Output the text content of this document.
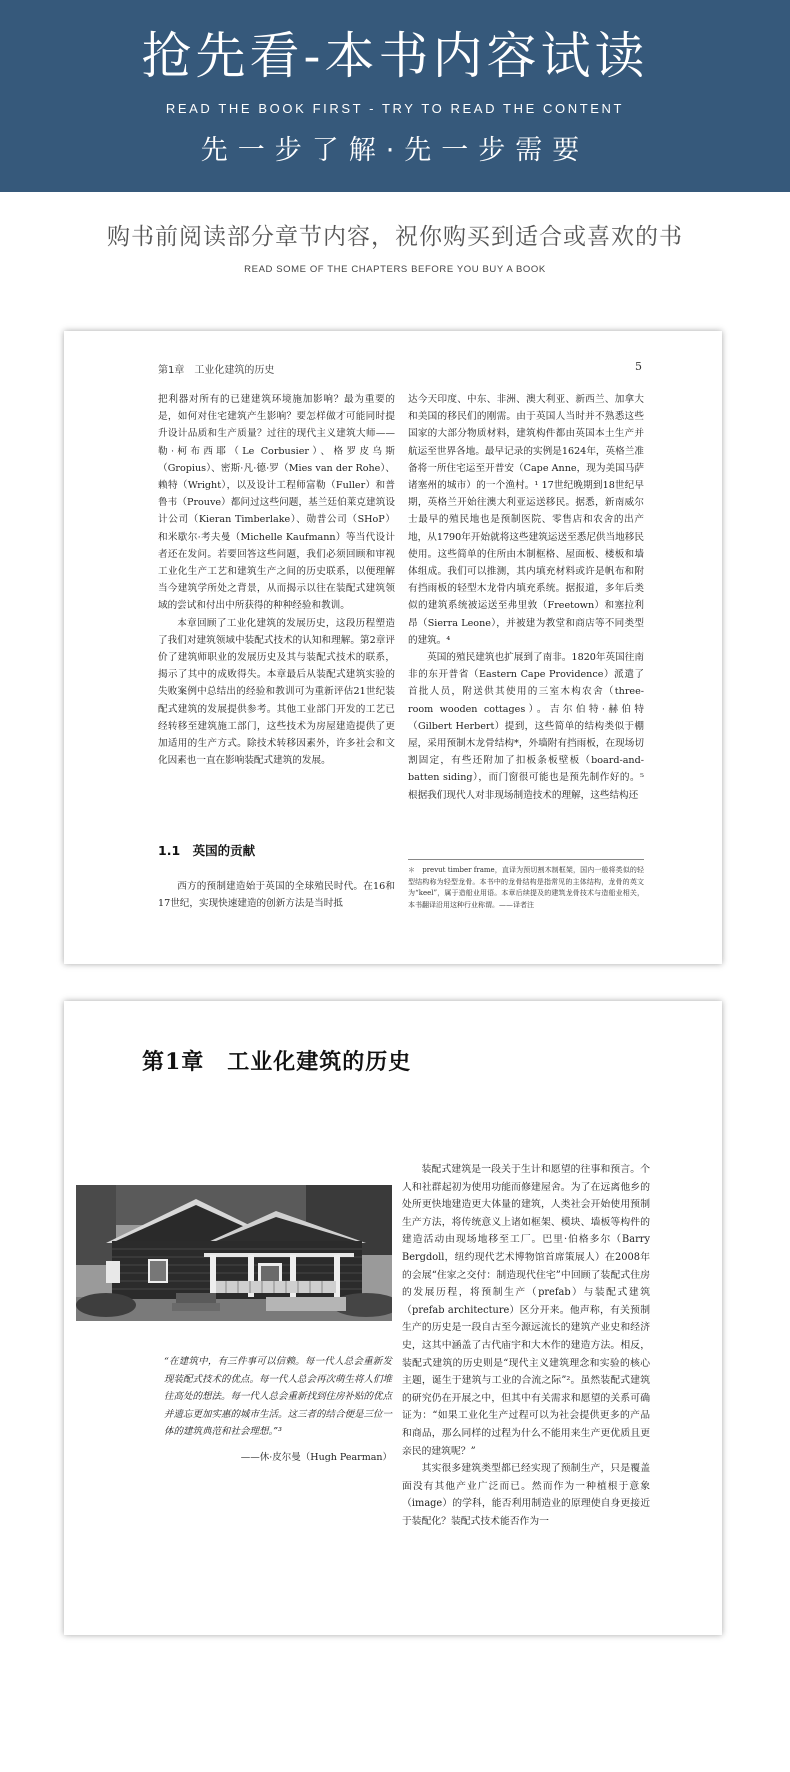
抢先看-本书内容试读
READ THE BOOK FIRST - TRY TO READ THE CONTENT
先一步了解·先一步需要
购书前阅读部分章节内容，祝你购买到适合或喜欢的书
READ SOME OF THE CHAPTERS BEFORE YOU BUY A BOOK
第1章　工业化建筑的历史	5

把利器对所有的已建建筑环境施加影响？最为重要的是，如何对住宅建筑产生影响？要怎样做才可能同时提升设计品质和生产质量？过往的现代主义建筑大师——勒·柯布西耶（Le Corbusier）、格罗皮乌斯（Gropius）、密斯·凡·德·罗（Mies van der Rohe）、赖特（Wright），以及设计工程师富勒（Fuller）和普鲁韦（Prouve）都问过这些问题，基兰廷伯莱克建筑设计公司（Kieran Timberlake）、勋普公司（SHoP）和米歇尔·考夫曼（Michelle Kaufmann）等当代设计者还在发问。若要回答这些问题，我们必须回顾和审视工业化生产工艺和建筑生产之间的历史联系，以便理解当今建筑学所处之背景，从而揭示以往在装配式建筑领域的尝试和付出中所获得的种种经验和教训。

本章回顾了工业化建筑的发展历史，这段历程塑造了我们对建筑领域中装配式技术的认知和理解。第2章评价了建筑师职业的发展历史及其与装配式技术的联系，揭示了其中的成败得失。本章最后从装配式建筑实验的失败案例中总结出的经验和教训可为重新评估21世纪装配式建筑的发展提供参考。其他工业部门开发的工艺已经转移至建筑施工部门，这些技术为房屋建造提供了更加适用的生产方式。除技术转移因素外，许多社会和文化因素也一直在影响装配式建筑的发展。

1.1　英国的贡献

西方的预制建造始于英国的全球殖民时代。在16和17世纪，实现快速建造的创新方法是当时抵

达今天印度、中东、非洲、澳大利亚、新西兰、加拿大和美国的移民们的刚需。由于英国人当时并不熟悉这些国家的大部分物质材料，建筑构件都由英国本土生产并航运至世界各地。最早记录的实例是1624年，英格兰准备将一所住宅运至开普安（Cape Anne，现为美国马萨诸塞州的城市）的一个渔村。¹ 17世纪晚期到18世纪早期，英格兰开始往澳大利亚运送移民。据悉，新南威尔士最早的殖民地也是预制医院、零售店和农舍的出产地，从1790年开始就将这些建筑运送至悉尼供当地移民使用。这些简单的住所由木制框格、屋面板、楼板和墙体组成。我们可以推测，其内填充材料或许是帆布和附有挡雨板的轻型木龙骨内填充系统。据报道，多年后类似的建筑系统被运送至弗里敦（Freetown）和塞拉利昂（Sierra Leone），并被建为教堂和商店等不同类型的建筑。⁴

英国的殖民建筑也扩展到了南非。1820年英国往南非的东开普省（Eastern Cape Providence）派遣了首批人员，附送供其使用的三室木构农舍（three-room wooden cottages）。吉尔伯特·赫伯特（Gilbert Herbert）提到，这些简单的结构类似于棚屋，采用预制木龙骨结构*，外墙附有挡雨板，在现场切割固定，有些还附加了扣板条板壁板（board-and-batten siding），而门窗很可能也是预先制作好的。⁵ 根据我们现代人对非现场制造技术的理解，这些结构还

＊　prevut timber frame，直译为预切割木制框架，国内一般将类似的轻型结构称为轻型龙骨。本书中的龙骨结构是指常见的主体结构，龙骨的英文为“keel”，属于造船业用语。本章后续提及的建筑龙骨技术与造船业相关，本书翻译沿用这种行业称谓。——译者注
第1章　工业化建筑的历史
“在建筑中，有三件事可以信赖。每一代人总会重新发现装配式技术的优点。每一代人总会再次萌生将人们堆往高处的想法。每一代人总会重新找到住房补贴的优点并遗忘更加实惠的城市生活。这三者的结合便是三位一体的建筑典范和社会理想。”³
——休·皮尔曼（Hugh Pearman）

装配式建筑是一段关于生计和愿望的往事和预言。个人和社群起初为使用功能而修建屋舍。为了在远离他乡的处所更快地建造更大体量的建筑，人类社会开始使用预制生产方法，将传统意义上诸如框架、模块、墙板等构件的建造活动由现场地移至工厂。巴里·伯格多尔（Barry Bergdoll，纽约现代艺术博物馆首席策展人）在2008年的会展“住家之交付：制造现代住宅”中回顾了装配式住房的发展历程，将预制生产（prefab）与装配式建筑（prefab architecture）区分开来。他声称，有关预制生产的历史是一段自古至今源远流长的建筑产业史和经济史，这其中涵盖了古代庙宇和大木作的建造方法。相反，装配式建筑的历史则是“现代主义建筑理念和实验的核心主题，诞生于建筑与工业的合流之际”²。虽然装配式建筑的研究仍在开展之中，但其中有关需求和愿望的关系可确证为：“如果工业化生产过程可以为社会提供更多的产品和商品，那么同样的过程为什么不能用来生产更优质且更亲民的建筑呢？”

其实很多建筑类型都已经实现了预制生产，只是覆盖面没有其他产业广泛而已。然而作为一种植根于意象（image）的学科，能否利用制造业的原理使自身更接近于装配化？装配式技术能否作为一
